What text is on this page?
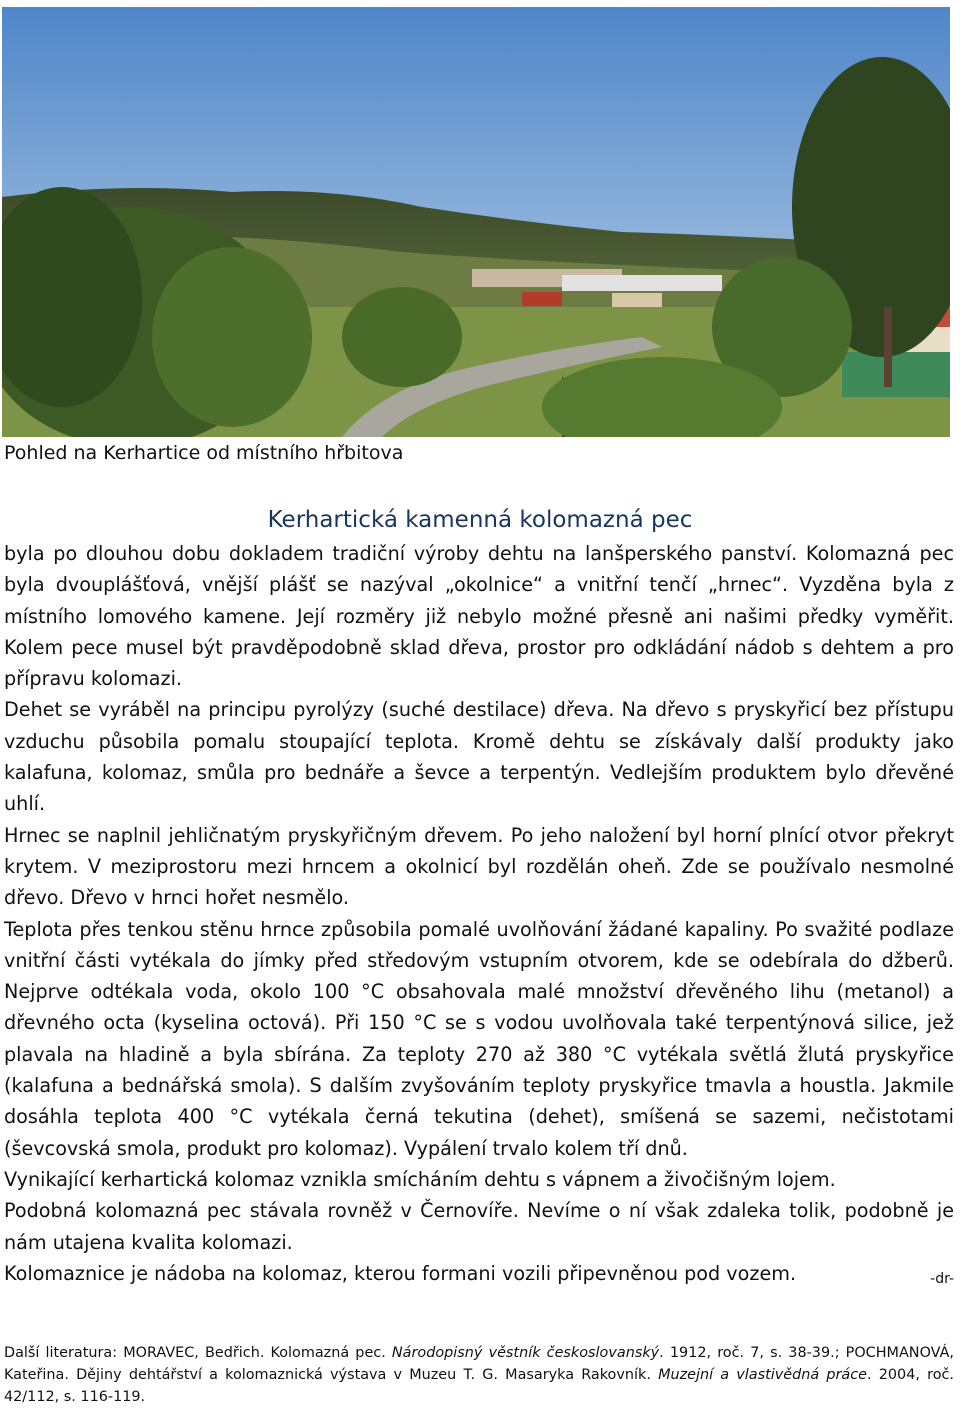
Pohled na Kerhartice od místního hřbitova
Kerhartická kamenná kolomazná pec

byla po dlouhou dobu dokladem tradiční výroby dehtu na lanšperského panství. Kolomazná pec byla dvouplášťová, vnější plášť se nazýval „okolnice“ a vnitřní tenčí „hrnec“. Vyzděna byla z místního lomového kamene. Její rozměry již nebylo možné přesně ani našimi předky vyměřit. Kolem pece musel být pravděpodobně sklad dřeva, prostor pro odkládání nádob s dehtem a pro přípravu kolomazi.

Dehet se vyráběl na principu pyrolýzy (suché destilace) dřeva. Na dřevo s pryskyřicí bez přístupu vzduchu působila pomalu stoupající teplota. Kromě dehtu se získávaly další produkty jako kalafuna, kolomaz, smůla pro bednáře a ševce a terpentýn. Vedlejším produktem bylo dřevěné uhlí.

Hrnec se naplnil jehličnatým pryskyřičným dřevem. Po jeho naložení byl horní plnící otvor překryt krytem. V meziprostoru mezi hrncem a okolnicí byl rozdělán oheň. Zde se používalo nesmolné dřevo. Dřevo v hrnci hořet nesmělo.

Teplota přes tenkou stěnu hrnce způsobila pomalé uvolňování žádané kapaliny. Po svažité podlaze vnitřní části vytékala do jímky před středovým vstupním otvorem, kde se odebírala do džberů. Nejprve odtékala voda, okolo 100 °C obsahovala malé množství dřevěného lihu (metanol) a dřevného octa (kyselina octová). Při 150 °C se s vodou uvolňovala také terpentýnová silice, jež plavala na hladině a byla sbírána. Za teploty 270 až 380 °C vytékala světlá žlutá pryskyřice (kalafuna a bednářská smola). S dalším zvyšováním teploty pryskyřice tmavla a houstla. Jakmile dosáhla teplota 400 °C vytékala černá tekutina (dehet), smíšená se sazemi, nečistotami (ševcovská smola, produkt pro kolomaz). Vypálení trvalo kolem tří dnů.

Vynikající kerhartická kolomaz vznikla smícháním dehtu s vápnem a živočišným lojem.

Podobná kolomazná pec stávala rovněž v Černovíře. Nevíme o ní však zdaleka tolik, podobně je nám utajena kvalita kolomazi.

Kolomaznice je nádoba na kolomaz, kterou formani vozili připevněnou pod vozem.	-dr-

Další literatura: MORAVEC, Bedřich. Kolomazná pec. Národopisný věstník českoslovanský. 1912, roč. 7, s. 38-39.; POCHMANOVÁ, Kateřina. Dějiny dehtářství a kolomaznická výstava v Muzeu T. G. Masaryka Rakovník. Muzejní a vlastivědná práce. 2004, roč. 42/112, s. 116-119.
